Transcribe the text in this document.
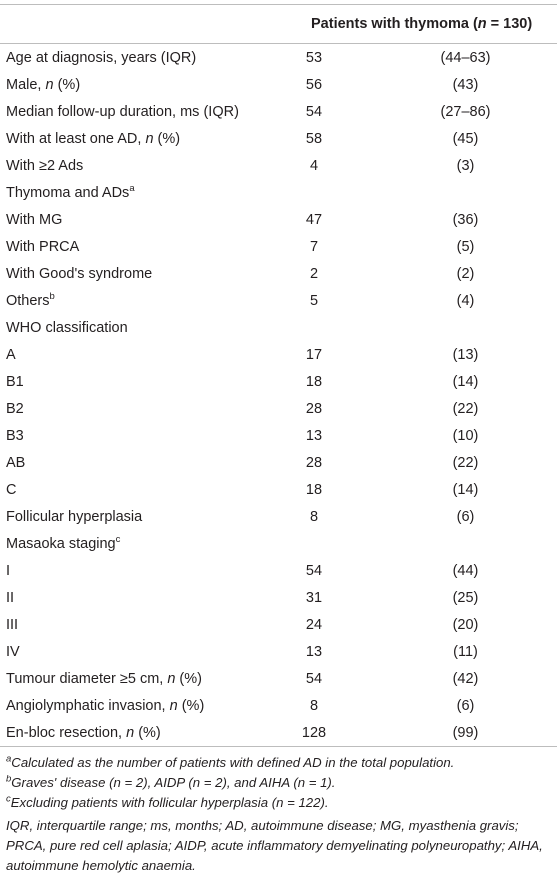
Patients with thymoma (n = 130)
Age at diagnosis, years (IQR)	53	(44–63)
Male, n (%)	56	(43)
Median follow-up duration, ms (IQR)	54	(27–86)
With at least one AD, n (%)	58	(45)
With ≥2 Ads	4	(3)
Thymoma and ADs$^a$
With MG	47	(36)
With PRCA	7	(5)
With Good's syndrome	2	(2)
Others$^b$	5	(4)
WHO classification
A	17	(13)
B1	18	(14)
B2	28	(22)
B3	13	(10)
AB	28	(22)
C	18	(14)
Follicular hyperplasia	8	(6)
Masaoka staging$^c$
I	54	(44)
II	31	(25)
III	24	(20)
IV	13	(11)
Tumour diameter ≥5 cm, n (%)	54	(42)
Angiolymphatic invasion, n (%)	8	(6)
En-bloc resection, n (%)	128	(99)
$^a$Calculated as the number of patients with defined AD in the total population.
$^b$Graves' disease (n = 2), AIDP (n = 2), and AIHA (n = 1).
$^c$Excluding patients with follicular hyperplasia (n = 122).
IQR, interquartile range; ms, months; AD, autoimmune disease; MG, myasthenia gravis; PRCA, pure red cell aplasia; AIDP, acute inflammatory demyelinating polyneuropathy; AIHA, autoimmune hemolytic anaemia.
